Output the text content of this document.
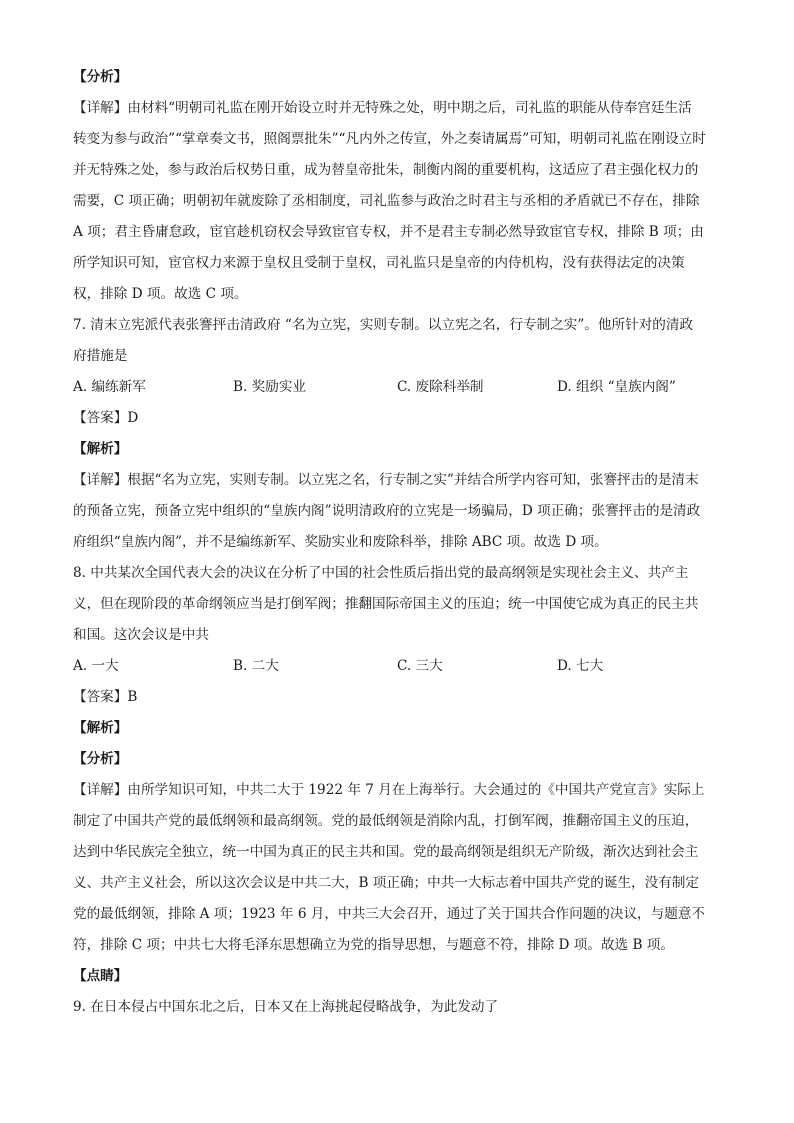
【分析】
【详解】由材料“明朝司礼监在刚开始设立时并无特殊之处，明中期之后，司礼监的职能从侍奉宫廷生活
转变为参与政治”“掌章奏文书，照阁票批朱”“凡内外之传宣，外之奏请属焉”可知，明朝司礼监在刚设立时
并无特殊之处，参与政治后权势日重，成为替皇帝批朱，制衡内阁的重要机构，这适应了君主强化权力的
需要，C 项正确；明朝初年就废除了丞相制度，司礼监参与政治之时君主与丞相的矛盾就已不存在，排除
A 项；君主昏庸怠政，宦官趁机窃权会导致宦官专权，并不是君主专制必然导致宦官专权，排除 B 项；由
所学知识可知，宦官权力来源于皇权且受制于皇权，司礼监只是皇帝的内侍机构，没有获得法定的决策
权，排除 D 项。故选 C 项。
7. 清末立宪派代表张謇抨击清政府 “名为立宪，实则专制。以立宪之名，行专制之实”。他所针对的清政
府措施是
A. 编练新军	B. 奖励实业	C. 废除科举制	D. 组织 “皇族内阁”
【答案】D
【解析】
【详解】根据“名为立宪，实则专制。以立宪之名，行专制之实”并结合所学内容可知，张謇抨击的是清末
的预备立宪，预备立宪中组织的“皇族内阁”说明清政府的立宪是一场骗局，D 项正确；张謇抨击的是清政
府组织“皇族内阁”，并不是编练新军、奖励实业和废除科举，排除 ABC 项。故选 D 项。
8. 中共某次全国代表大会的决议在分析了中国的社会性质后指出党的最高纲领是实现社会主义、共产主
义，但在现阶段的革命纲领应当是打倒军阀；推翻国际帝国主义的压迫；统一中国使它成为真正的民主共
和国。这次会议是中共
A. 一大	B. 二大	C. 三大	D. 七大
【答案】B
【解析】
【分析】
【详解】由所学知识可知，中共二大于 1922 年 7 月在上海举行。大会通过的《中国共产党宣言》实际上
制定了中国共产党的最低纲领和最高纲领。党的最低纲领是消除内乱，打倒军阀，推翻帝国主义的压迫，
达到中华民族完全独立，统一中国为真正的民主共和国。党的最高纲领是组织无产阶级，渐次达到社会主
义、共产主义社会，所以这次会议是中共二大，B 项正确；中共一大标志着中国共产党的诞生，没有制定
党的最低纲领，排除 A 项；1923 年 6 月，中共三大会召开，通过了关于国共合作问题的决议，与题意不
符，排除 C 项；中共七大将毛泽东思想确立为党的指导思想，与题意不符，排除 D 项。故选 B 项。
【点睛】
9. 在日本侵占中国东北之后，日本又在上海挑起侵略战争，为此发动了
